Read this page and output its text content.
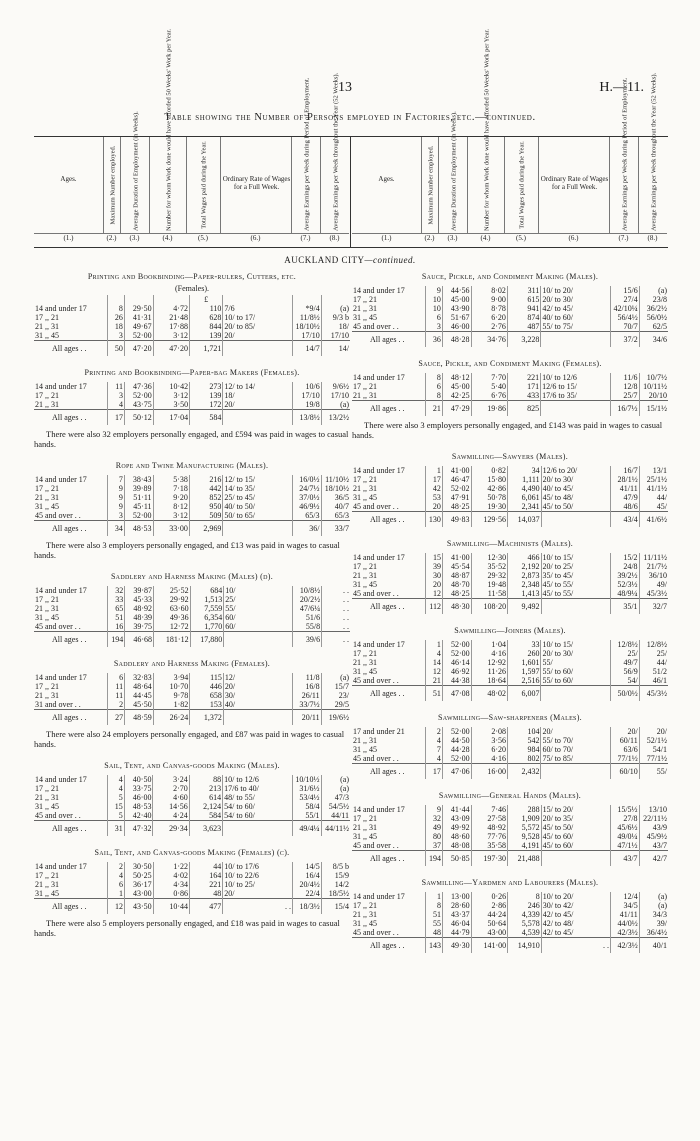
13	H.—11.
Table showing the Number of Persons employed in Factories, etc.—continued.
Ages.
(1.)
Maximum Number employed.
(2.)
Average Duration of Employment (in Weeks).
(3.)
Number for whom Work done would have afforded 50 Weeks' Work per Year.
(4.)
Total Wages paid during the Year.
(5.)
Ordinary Rate of Wages for a Full Week.
(6.)
Average Earnings per Week during Period of Employment.
(7.)
Average Earnings per Week throughout the Year (52 Weeks).
(8.)
Ages.
(1.)
Maximum Number employed.
(2.)
Average Duration of Employment (in Weeks).
(3.)
Number for whom Work done would have afforded 50 Weeks' Work per Year.
(4.)
Total Wages paid during the Year.
(5.)
Ordinary Rate of Wages for a Full Week.
(6.)
Average Earnings per Week during Period of Employment.
(7.)
Average Earnings per Week throughout the Year (52 Weeks).
(8.)
AUCKLAND CITY—continued.
Printing and Bookbinding—Paper-rulers, Cutters, etc.
(Females).
				£			
14 and under 17	8	29·50	4·72	110	7/6	*9/4	(a)
17 ,, 21	26	41·31	21·48	628	10/ to 17/	11/8½	9/3 b
21 ,, 31	18	49·67	17·88	844	20/ to 85/	18/10½	18/
31 ,, 45	3	52·00	3·12	139	20/	17/10	17/10
All ages . .	50	47·20	47·20	1,721		14/7	14/
Printing and Bookbinding—Paper-bag Makers (Females).
14 and under 17	11	47·36	10·42	273	12/ to 14/	10/6	9/6½
17 ,, 21	3	52·00	3·12	139	18/	17/10	17/10
21 ,, 31	4	43·75	3·50	172	20/	19/8	(a)
All ages . .	17	50·12	17·04	584		13/8½	13/2½

There were also 32 employers personally engaged, and £594 was paid in wages to casual hands.

Rope and Twine Manufacturing (Males).
14 and under 17	7	38·43	5·38	216	12/ to 15/	16/0½	11/10½
17 ,, 21	9	39·89	7·18	442	14/ to 35/	24/7½	18/10½
21 ,, 31	9	51·11	9·20	852	25/ to 45/	37/0½	36/5
31 ,, 45	9	45·11	8·12	950	40/ to 50/	46/9½	40/7
45 and over . .	3	52·00	3·12	509	50/ to 65/	65/3	65/3
All ages . .	34	48·53	33·00	2,969		36/	33/7

There were also 3 employers personally engaged, and £13 was paid in wages to casual hands.

Saddlery and Harness Making (Males) (d).
14 and under 17	32	39·87	25·52	684	10/	10/8½	. .
17 ,, 21	33	45·33	29·92	1,513	25/	20/2½	. .
21 ,, 31	65	48·92	63·60	7,559	55/	47/6¼	. .
31 ,, 45	51	48·39	49·36	6,354	60/	51/6	. .
45 and over . .	16	39·75	12·72	1,770	60/	55/8	. .
All ages . .	194	46·68	181·12	17,880		39/6	. .
Saddlery and Harness Making (Females).
14 and under 17	6	32·83	3·94	115	12/	11/8	(a)
17 ,, 21	11	48·64	10·70	446	20/	16/8	15/7
21 ,, 31	11	44·45	9·78	658	30/	26/11	23/
31 and over . .	2	45·50	1·82	153	40/	33/7½	29/5
All ages . .	27	48·59	26·24	1,372		20/11	19/6½

There were also 24 employers personally engaged, and £87 was paid in wages to casual hands.

Sail, Tent, and Canvas-goods Making (Males).
14 and under 17	4	40·50	3·24	88	10/ to 12/6	10/10½	(a)
17 ,, 21	4	33·75	2·70	213	17/6 to 40/	31/6½	(a)
21 ,, 31	5	46·00	4·60	614	48/ to 55/	53/4½	47/3
31 ,, 45	15	48·53	14·56	2,124	54/ to 60/	58/4	54/5½
45 and over . .	5	42·40	4·24	584	54/ to 60/	55/1	44/11
All ages . .	31	47·32	29·34	3,623		49/4¼	44/11½
Sail, Tent, and Canvas-goods Making (Females) (c).
14 and under 17	2	30·50	1·22	44	10/ to 17/6	14/5	8/5 b
17 ,, 21	4	50·25	4·02	164	10/ to 22/6	16/4	15/9
21 ,, 31	6	36·17	4·34	221	10/ to 25/	20/4½	14/2
31 ,, 45	1	43·00	0·86	48	20/	22/4	18/5½
All ages . .	12	43·50	10·44	477	. .	18/3½	15/4

There were also 5 employers personally engaged, and £18 was paid in wages to casual hands.

Sauce, Pickle, and Condiment Making (Males).
14 and under 17	9	44·56	8·02	311	10/ to 20/	15/6	(a)
17 ,, 21	10	45·00	9·00	615	20/ to 30/	27/4	23/8
21 ,, 31	10	43·90	8·78	941	42/ to 45/	42/10¼	36/2½
31 ,, 45	6	51·67	6·20	874	40/ to 60/	56/4½	56/0½
45 and over . .	3	46·00	2·76	487	55/ to 75/	70/7	62/5
All ages . .	36	48·28	34·76	3,228		37/2	34/6
Sauce, Pickle, and Condiment Making (Females).
14 and under 17	8	48·12	7·70	221	10/ to 12/6	11/6	10/7½
17 ,, 21	6	45·00	5·40	171	12/6 to 15/	12/8	10/11½
21 ,, 31	8	42·25	6·76	433	17/6 to 35/	25/7	20/10
All ages . .	21	47·29	19·86	825		16/7½	15/1½

There were also 3 employers personally engaged, and £143 was paid in wages to casual hands.

Sawmilling—Sawyers (Males).
14 and under 17	1	41·00	0·82	34	12/6 to 20/	16/7	13/1
17 ,, 21	17	46·47	15·80	1,111	20/ to 30/	28/1½	25/1½
21 ,, 31	42	52·02	42·86	4,490	40/ to 45/	41/11	41/1½
31 ,, 45	53	47·91	50·78	6,061	45/ to 48/	47/9	44/
45 and over . .	20	48·25	19·30	2,341	45/ to 50/	48/6	45/
All ages . .	130	49·83	129·56	14,037		43/4	41/6½
Sawmilling—Machinists (Males).
14 and under 17	15	41·00	12·30	466	10/ to 15/	15/2	11/11½
17 ,, 21	39	45·54	35·52	2,192	20/ to 25/	24/8	21/7½
21 ,, 31	30	48·87	29·32	2,873	35/ to 45/	39/2½	36/10
31 ,, 45	20	48·70	19·48	2,348	45/ to 55/	52/3½	49/
45 and over . .	12	48·25	11·58	1,413	45/ to 55/	48/9¼	45/3½
All ages . .	112	48·30	108·20	9,492		35/1	32/7
Sawmilling—Joiners (Males).
14 and under 17	1	52·00	1·04	33	10/ to 15/	12/8½	12/8½
17 ,, 21	4	52·00	4·16	260	20/ to 30/	25/	25/
21 ,, 31	14	46·14	12·92	1,601	55/	49/7	44/
31 ,, 45	12	46·92	11·26	1,597	55/ to 60/	56/9	51/2
45 and over . .	21	44·38	18·64	2,516	55/ to 60/	54/	46/1
All ages . .	51	47·08	48·02	6,007		50/0½	45/3½
Sawmilling—Saw-sharpeners (Males).
17 and under 21	2	52·00	2·08	104	20/	20/	20/
21 ,, 31	4	44·50	3·56	542	55/ to 70/	60/11	52/1½
31 ,, 45	7	44·28	6·20	984	60/ to 70/	63/6	54/1
45 and over . .	4	52·00	4·16	802	75/ to 85/	77/1½	77/1½
All ages . .	17	47·06	16·00	2,432		60/10	55/
Sawmilling—General Hands (Males).
14 and under 17	9	41·44	7·46	288	15/ to 20/	15/5½	13/10
17 ,, 21	32	43·09	27·58	1,909	20/ to 35/	27/8	22/11½
21 ,, 31	49	49·92	48·92	5,572	45/ to 50/	45/6½	43/9
31 ,, 45	80	48·60	77·76	9,528	45/ to 60/	49/0¼	45/9½
45 and over . .	37	48·08	35·58	4,191	45/ to 60/	47/1½	43/7
All ages . .	194	50·85	197·30	21,488		43/7	42/7
Sawmilling—Yardmen and Labourers (Males).
14 and under 17	1	13·00	0·26	8	10/ to 20/	12/4	(a)
17 ,, 21	8	28·60	2·86	246	30/ to 42/	34/5	(a)
21 ,, 31	51	43·37	44·24	4,339	42/ to 45/	41/11	34/3
31 ,, 45	55	46·04	50·64	5,578	42/ to 48/	44/0½	39/
45 and over . .	48	44·79	43·00	4,539	42/ to 45/	42/3½	36/4½
All ages . .	143	49·30	141·00	14,910	. .	42/3½	40/1
